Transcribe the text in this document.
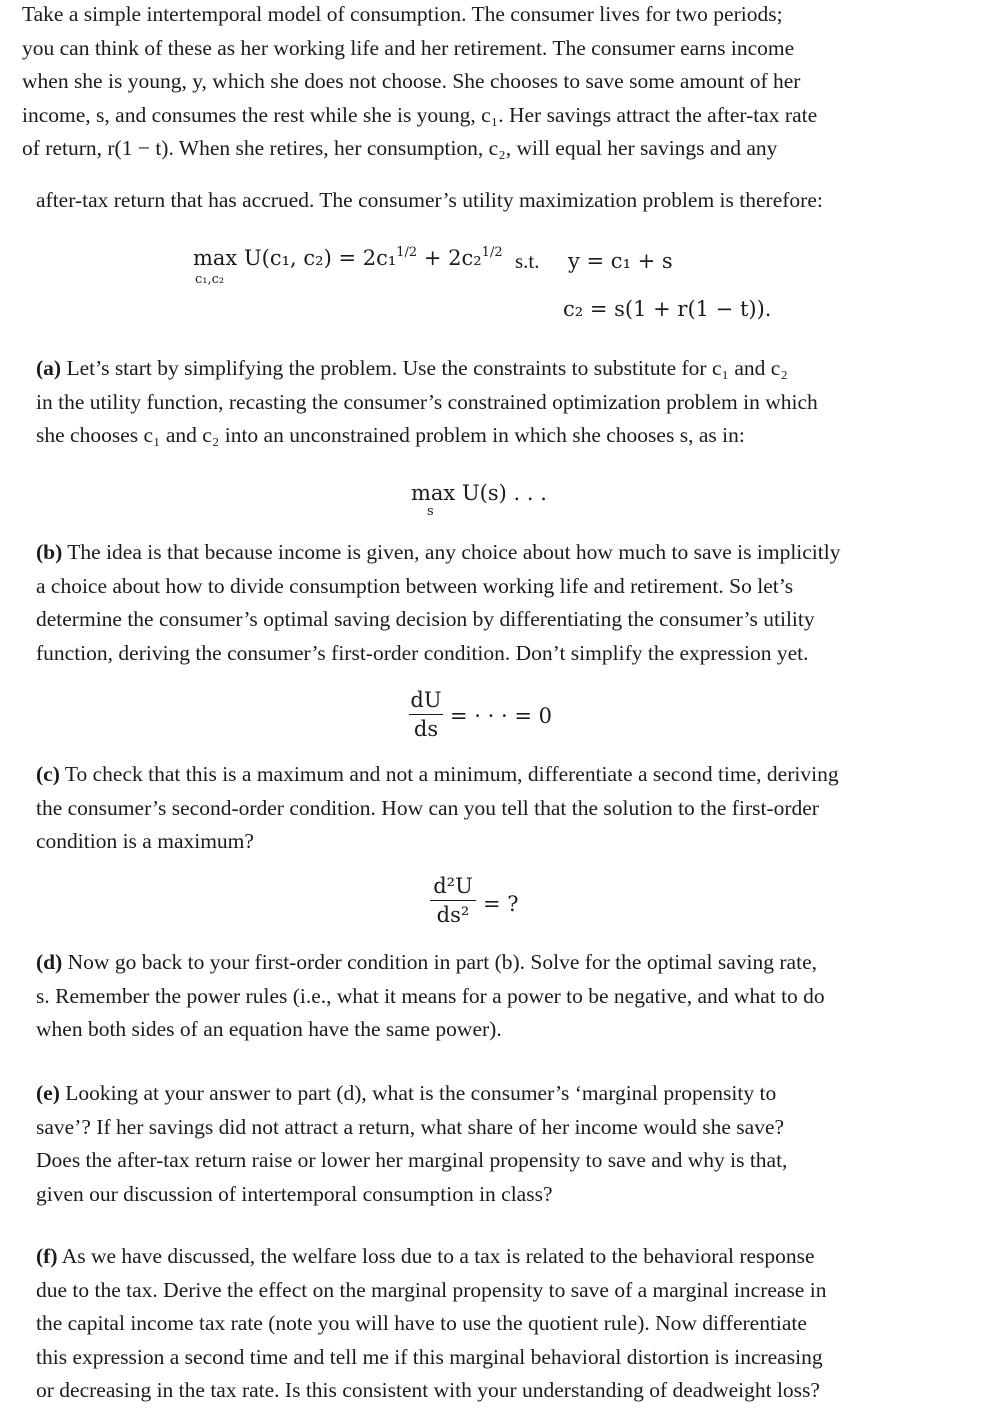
Take a simple intertemporal model of consumption. The consumer lives for two periods;
you can think of these as her working life and her retirement. The consumer earns income
when she is young, y, which she does not choose. She chooses to save some amount of her
income, s, and consumes the rest while she is young, c₁. Her savings attract the after-tax rate
of return, r(1 − t). When she retires, her consumption, c₂, will equal her savings and any
after-tax return that has accrued. The consumer’s utility maximization problem is therefore:
max U(c₁, c₂) = 2c₁$^{1/2}$ + 2c₂$^{1/2}$
c₁,c₂
s.t. y = c₁ + s
c₂ = s(1 + r(1 − t)).
(a) Let’s start by simplifying the problem. Use the constraints to substitute for c₁ and c₂
in the utility function, recasting the consumer’s constrained optimization problem in which
she chooses c₁ and c₂ into an unconstrained problem in which she chooses s, as in:
max U(s) . . .
s
(b) The idea is that because income is given, any choice about how much to save is implicitly
a choice about how to divide consumption between working life and retirement. So let’s
determine the consumer’s optimal saving decision by differentiating the consumer’s utility
function, deriving the consumer’s first-order condition. Don’t simplify the expression yet.
dU
ds
= · · · = 0
(c) To check that this is a maximum and not a minimum, differentiate a second time, deriving
the consumer’s second-order condition. How can you tell that the solution to the first-order
condition is a maximum?
d²U
ds² = ?
(d) Now go back to your first-order condition in part (b). Solve for the optimal saving rate,
s. Remember the power rules (i.e., what it means for a power to be negative, and what to do
when both sides of an equation have the same power).
(e) Looking at your answer to part (d), what is the consumer’s ‘marginal propensity to
save’? If her savings did not attract a return, what share of her income would she save?
Does the after-tax return raise or lower her marginal propensity to save and why is that,
given our discussion of intertemporal consumption in class?
(f) As we have discussed, the welfare loss due to a tax is related to the behavioral response
due to the tax. Derive the effect on the marginal propensity to save of a marginal increase in
the capital income tax rate (note you will have to use the quotient rule). Now differentiate
this expression a second time and tell me if this marginal behavioral distortion is increasing
or decreasing in the tax rate. Is this consistent with your understanding of deadweight loss?
